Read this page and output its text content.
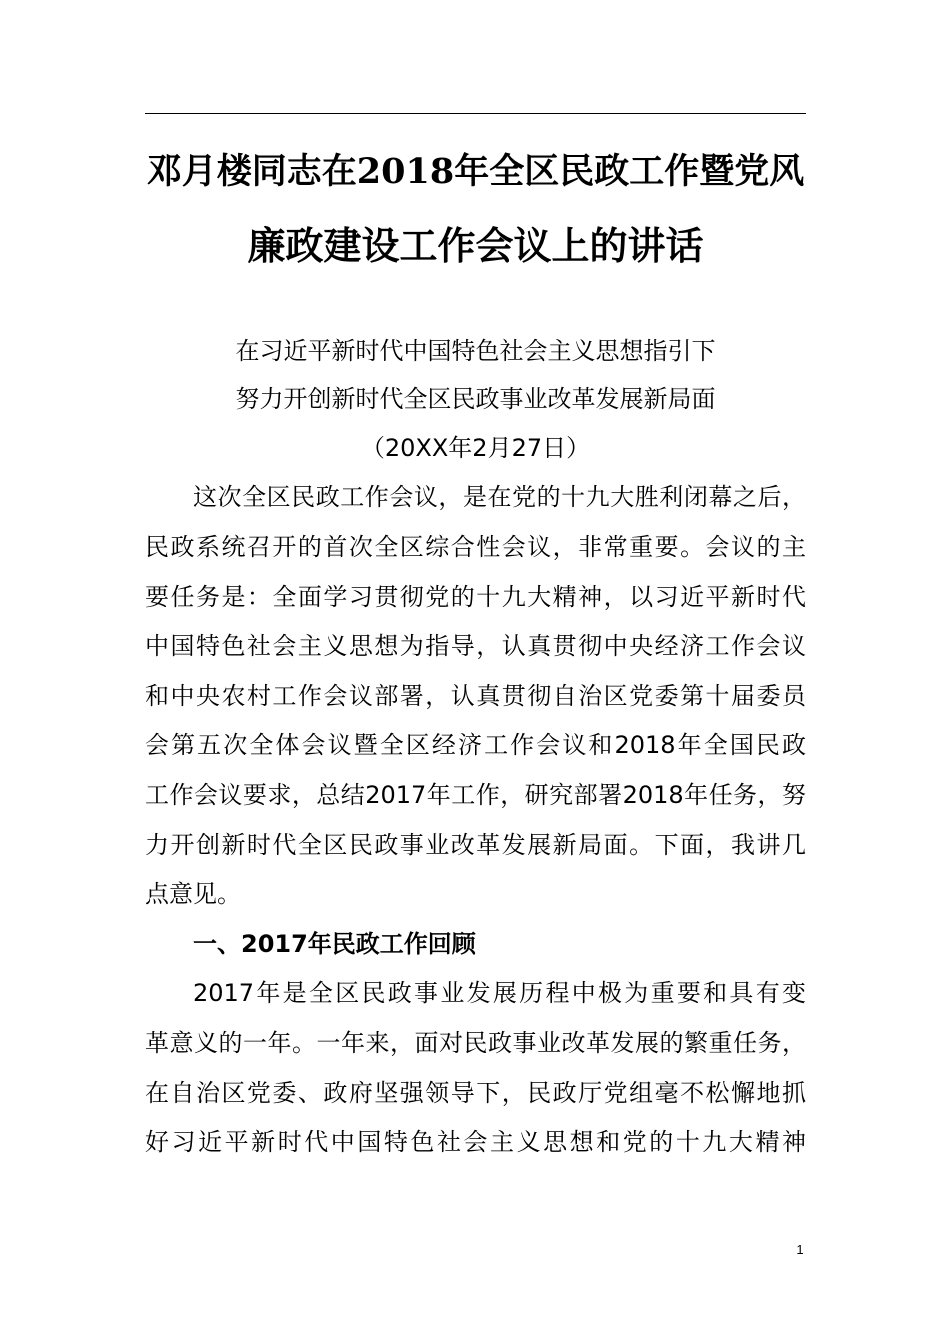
邓月楼同志在2018年全区民政工作暨党风
廉政建设工作会议上的讲话
在习近平新时代中国特色社会主义思想指引下
努力开创新时代全区民政事业改革发展新局面
（20XX年2月27日）
这次全区民政工作会议，是在党的十九大胜利闭幕之后，
民政系统召开的首次全区综合性会议，非常重要。会议的主
要任务是：全面学习贯彻党的十九大精神，以习近平新时代
中国特色社会主义思想为指导，认真贯彻中央经济工作会议
和中央农村工作会议部署，认真贯彻自治区党委第十届委员
会第五次全体会议暨全区经济工作会议和2018年全国民政
工作会议要求，总结2017年工作，研究部署2018年任务，努
力开创新时代全区民政事业改革发展新局面。下面，我讲几
点意见。
一、2017年民政工作回顾
2017年是全区民政事业发展历程中极为重要和具有变
革意义的一年。一年来，面对民政事业改革发展的繁重任务，
在自治区党委、政府坚强领导下，民政厅党组毫不松懈地抓
好习近平新时代中国特色社会主义思想和党的十九大精神
1
